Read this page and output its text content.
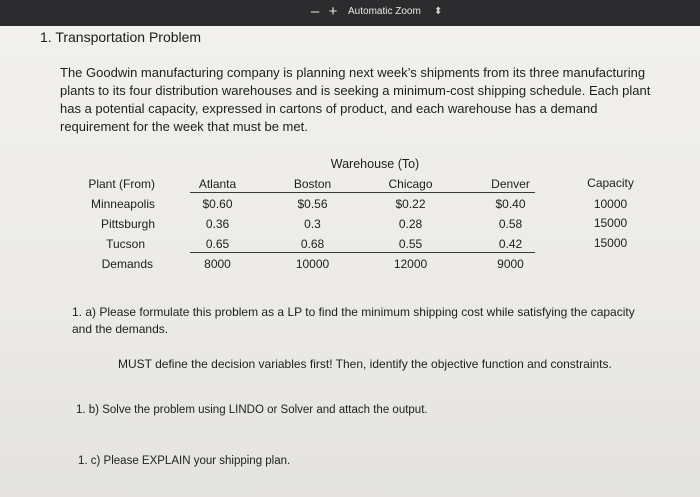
– +	Automatic Zoom ⬍
1. Transportation Problem
The Goodwin manufacturing company is planning next week’s shipments from its three manufacturing plants to its four distribution warehouses and is seeking a minimum-cost shipping schedule. Each plant has a potential capacity, expressed in cartons of product, and each warehouse has a demand requirement for the week that must be met.
Warehouse (To)
Plant (From)	Atlanta	Boston	Chicago	Denver	Capacity
Minneapolis	$0.60	$0.56	$0.22	$0.40	10000
Pittsburgh	0.36	0.3	0.28	0.58	15000
Tucson	0.65	0.68	0.55	0.42	15000
Demands	8000	10000	12000	9000
1. a) Please formulate this problem as a LP to find the minimum shipping cost while satisfying the capacity and the demands.
MUST define the decision variables first! Then, identify the objective function and constraints.
1. b) Solve the problem using LINDO or Solver and attach the output.
1. c) Please EXPLAIN your shipping plan.
